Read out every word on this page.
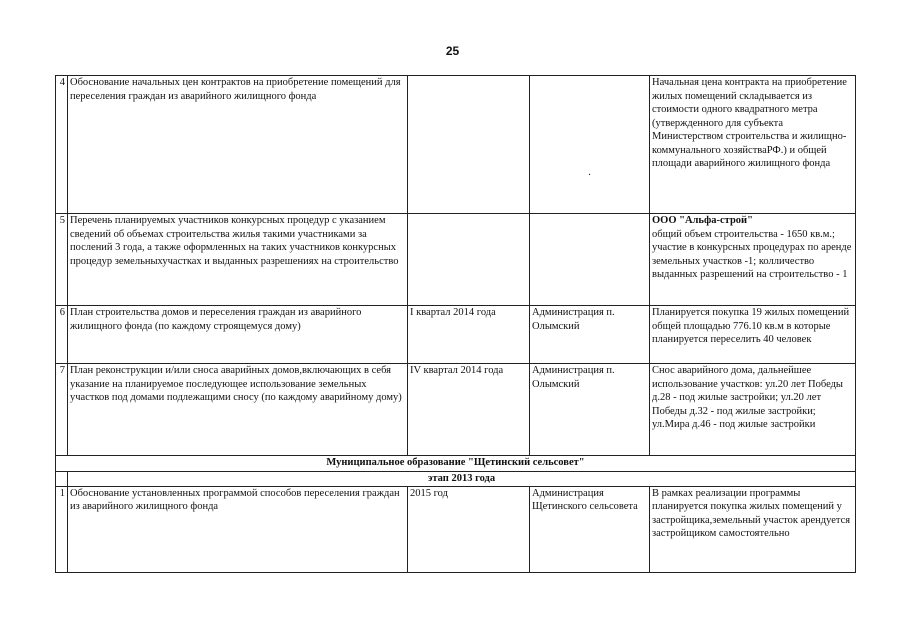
25
4	Обоснование начальных цен контрактов на приобретение помещений для переселения граждан из аварийного жилищного фонда		.	Начальная цена контракта на приобретение жилых помещений складывается из стоимости одного квадратного метра (утвержденного для субъекта Министерством строительства и жилищно-коммунального хозяйстваРФ.) и общей площади аварийного жилищного фонда
5	Перечень планируемых участников конкурсных процедур с указанием сведений об объемах строительства жилья такими участниками за послений 3 года, а также оформленных на таких участников конкурсных процедур земельныхучастках и выданных разрешениях на строительство			ООО "Альфа-строй"
общий объем строительства - 1650 кв.м.; участие в конкурсных процедурах по аренде земельных участков -1; колличество выданных разрешений на строительство - 1

6	План строительства домов и переселения граждан из аварийного жилищного фонда (по каждому строящемуся дому)	I квартал 2014 года	Администрация п. Олымский	Планируется покупка 19 жилых помещений общей площадью 776.10 кв.м в которые планируется переселить 40 человек
7	План реконструкции и/или сноса аварийных домов,включающих в себя указание на планируемое последующее использование земельных участков под домами подлежащими сносу (по каждому аварийному дому)	IV квартал 2014 года	Администрация п. Олымский	Снос аварийного дома, дальнейшее использование участков: ул.20 лет Победы д.28 - под жилые застройки; ул.20 лет Победы д.32 - под жилые застройки; ул.Мира д.46 - под жилые застройки
Муниципальное образование "Щетинский сельсовет"				
	этап 2013 года			
1	Обоснование установленных программой способов переселения граждан из аварийного жилищного фонда	2015 год	Администрация Щетинского сельсовета	В рамках реализации программы планируется покупка жилых помещений у застройщика,земельный участок арендуется застройщиком самостоятельно
